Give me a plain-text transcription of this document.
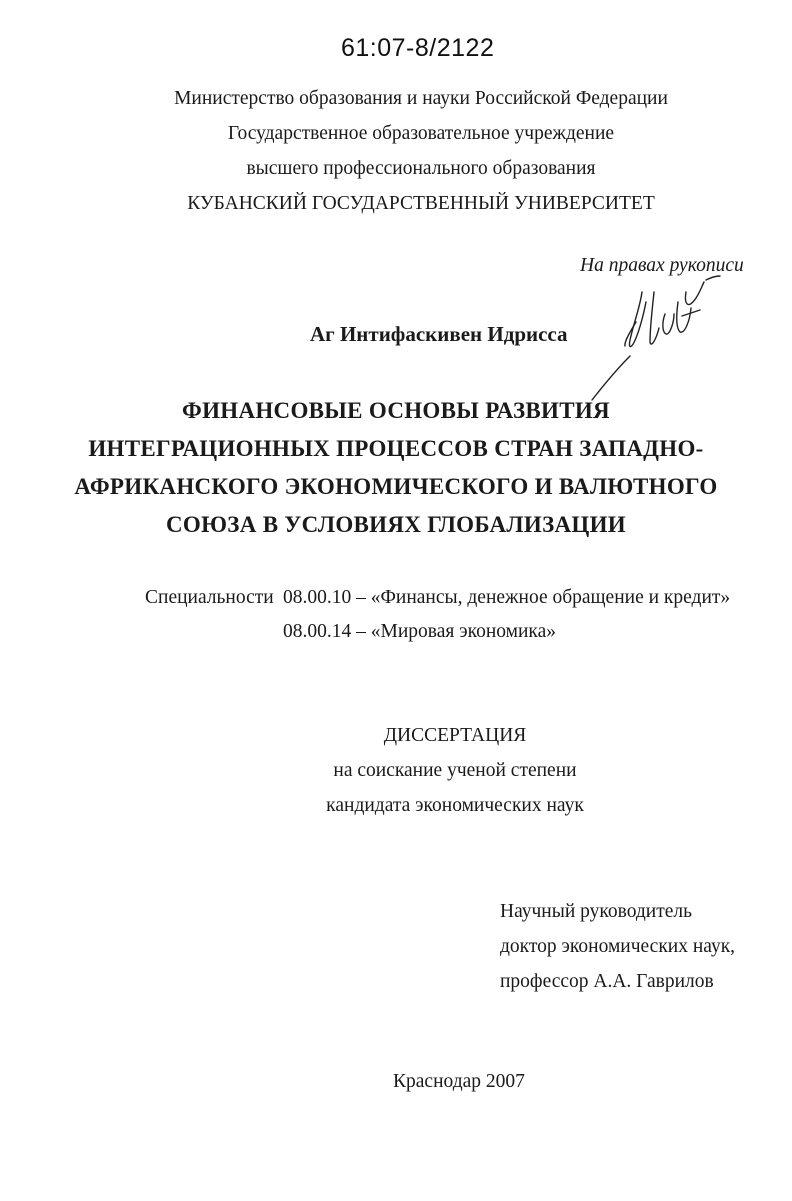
61:07-8/2122
Министерство образования и науки Российской Федерации
Государственное образовательное учреждение
высшего профессионального образования
КУБАНСКИЙ ГОСУДАРСТВЕННЫЙ УНИВЕРСИТЕТ
На правах рукописи
Аг Интифаскивен Идрисса
ФИНАНСОВЫЕ ОСНОВЫ РАЗВИТИЯ
ИНТЕГРАЦИОННЫХ ПРОЦЕССОВ СТРАН ЗАПАДНО-
АФРИКАНСКОГО ЭКОНОМИЧЕСКОГО И ВАЛЮТНОГО
СОЮЗА В УСЛОВИЯХ ГЛОБАЛИЗАЦИИ
Специальности 08.00.10 – «Финансы, денежное обращение и кредит»
08.00.14 – «Мировая экономика»
ДИССЕРТАЦИЯ
на соискание ученой степени
кандидата экономических наук
Научный руководитель
доктор экономических наук,
профессор А.А. Гаврилов
Краснодар 2007
